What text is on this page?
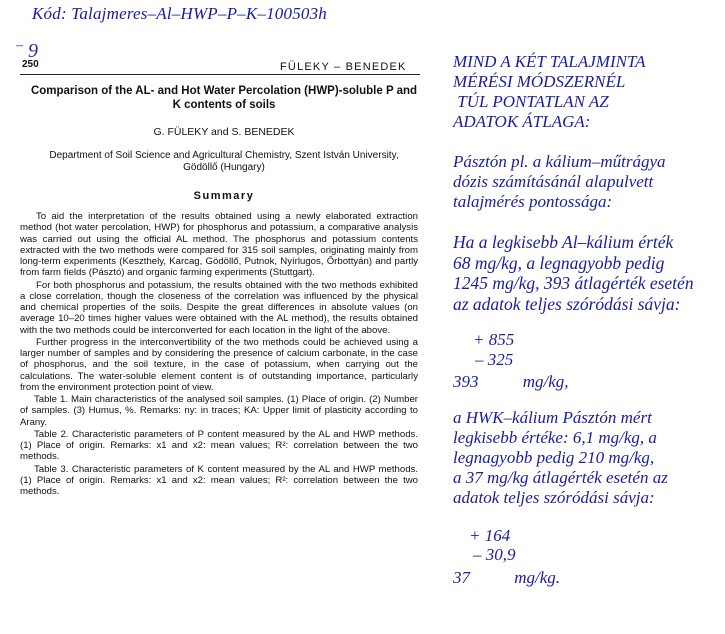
Kód: Talajmeres–Al–HWP–P–K–100503h
– 9
250	FÜLEKY – BENEDEK
Comparison of the AL- and Hot Water Percolation (HWP)-soluble P and K contents of soils
G. FÜLEKY and S. BENEDEK
Department of Soil Science and Agricultural Chemistry, Szent István University,
Gödöllő (Hungary)
Summary

To aid the interpretation of the results obtained using a newly elaborated extraction method (hot water percolation, HWP) for phosphorus and potassium, a comparative analysis was carried out using the official AL method. The phosphorus and potassium contents extracted with the two methods were compared for 315 soil samples, originating mainly from long-term experiments (Keszthely, Karcag, Gödöllő, Putnok, Nyírlugos, Őrbottyán) and partly from farm fields (Pásztó) and organic farming experiments (Stuttgart).

For both phosphorus and potassium, the results obtained with the two methods exhibited a close correlation, though the closeness of the correlation was influenced by the physical and chemical properties of the soils. Despite the great differences in absolute values (on average 10–20 times higher values were obtained with the AL method), the results obtained with the two methods could be interconverted for each location in the light of the above.

Further progress in the interconvertibility of the two methods could be achieved using a larger number of samples and by considering the presence of calcium carbonate, in the case of phosphorus, and the soil texture, in the case of potassium, when carrying out the calculations. The water-soluble element content is of outstanding importance, particularly from the environment protection point of view.

Table 1. Main characteristics of the analysed soil samples. (1) Place of origin. (2) Number of samples. (3) Humus, %. Remarks: ny: in traces; KA: Upper limit of plasticity according to Arany.

Table 2. Characteristic parameters of P content measured by the AL and HWP methods. (1) Place of origin. Remarks: x1 and x2: mean values; R²: correlation between the two methods.

Table 3. Characteristic parameters of K content measured by the AL and HWP methods. (1) Place of origin. Remarks: x1 and x2: mean values; R²: correlation between the two methods.

MIND A KÉT TALAJMINTA
MÉRÉSI MÓDSZERNÉL
TÚL PONTATLAN AZ
ADATOK ÁTLAGA:
Pásztón pl. a kálium–műtrágya
dózis számításánál alapulvett
talajmérés pontossága:
Ha a legkisebb Al–kálium érték
68 mg/kg, a legnagyobb pedig
1245 mg/kg, 393 átlagérték esetén
az adatok teljes szóródási sávja:
+ 855
– 325
393	mg/kg,
a HWK–kálium Pásztón mért
legkisebb értéke: 6,1 mg/kg, a
legnagyobb pedig 210 mg/kg,
a 37 mg/kg átlagérték esetén az
adatok teljes szóródási sávja:
+ 164
– 30,9
37	mg/kg.
